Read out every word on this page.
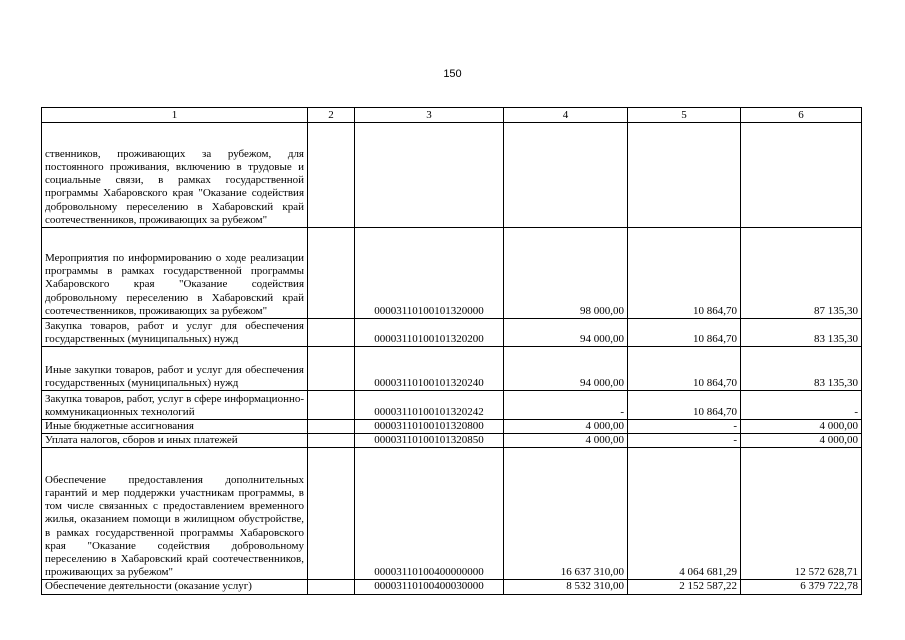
150
1	2	3	4	5	6
ственников, проживающих за рубежом, для постоянного проживания, включению в трудовые и социальные связи, в рамках государственной программы Хабаровского края "Оказание содействия добровольному переселению в Хабаровский край соотечественников, проживающих за рубежом"					
Мероприятия по информированию о ходе реализации программы в рамках государственной программы Хабаровского края "Оказание содействия добровольному переселению в Хабаровский край соотечественников, проживающих за рубежом"		00003110100101320000	98 000,00	10 864,70	87 135,30
Закупка товаров, работ и услуг для обеспечения государственных (муниципальных) нужд		00003110100101320200	94 000,00	10 864,70	83 135,30
Иные закупки товаров, работ и услуг для обеспечения государственных (муниципальных) нужд		00003110100101320240	94 000,00	10 864,70	83 135,30
Закупка товаров, работ, услуг в сфере информационно-коммуникационных технологий		00003110100101320242	-	10 864,70	-
Иные бюджетные ассигнования		00003110100101320800	4 000,00	-	4 000,00
Уплата налогов, сборов и иных платежей		00003110100101320850	4 000,00	-	4 000,00
Обеспечение предоставления дополнительных гарантий и мер поддержки участникам программы, в том числе связанных с предоставлением временного жилья, оказанием помощи в жилищном обустройстве, в рамках государственной программы Хабаровского края "Оказание содействия добровольному переселению в Хабаровский край соотечественников, проживающих за рубежом"		00003110100400000000	16 637 310,00	4 064 681,29	12 572 628,71
Обеспечение деятельности (оказание услуг)		00003110100400030000	8 532 310,00	2 152 587,22	6 379 722,78
